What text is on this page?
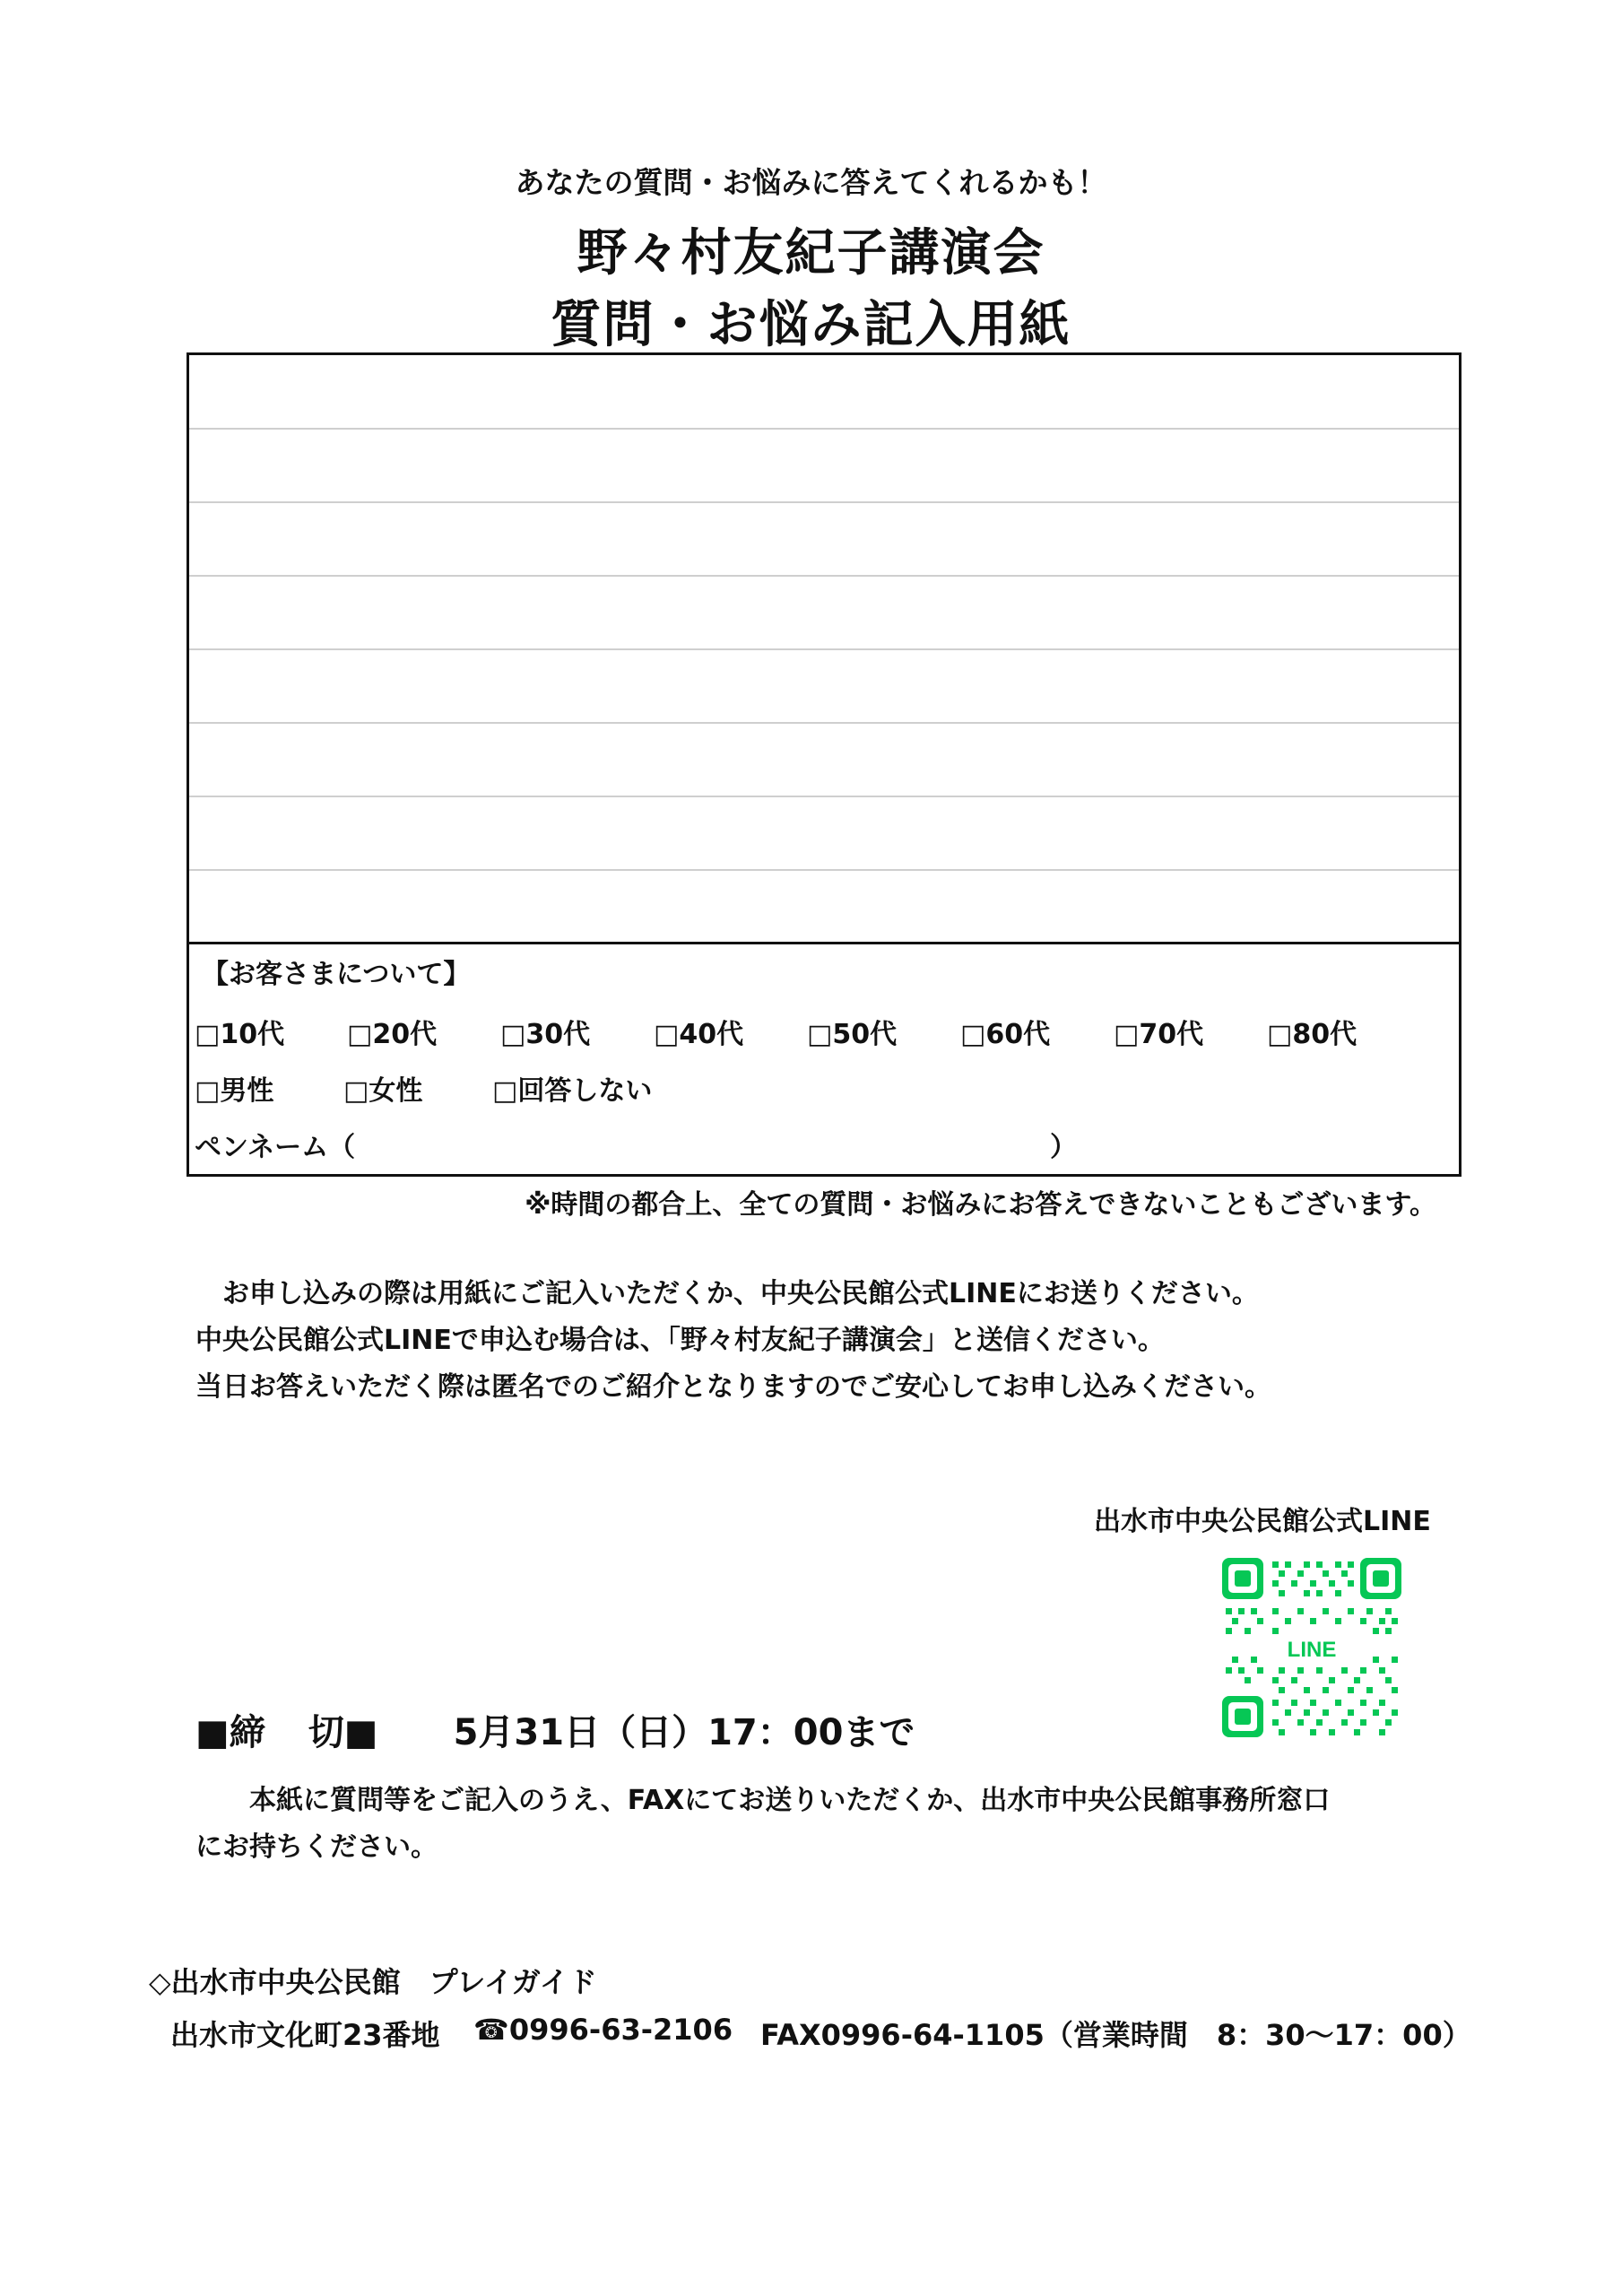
あなたの質問・お悩みに答えてくれるかも！
野々村友紀子講演会
質問・お悩み記入用紙
【お客さまについて】
□10代 □20代 □30代 □40代 □50代 □60代 □70代 □80代
□男性	□女性	□回答しない
ペンネーム（	）
※時間の都合上、全ての質問・お悩みにお答えできないこともございます。
　お申し込みの際は用紙にご記入いただくか、中央公民館公式LINEにお送りください。
中央公民館公式LINEで申込む場合は、「野々村友紀子講演会」と送信ください。
当日お答えいただく際は匿名でのご紹介となりますのでご安心してお申し込みください。
出水市中央公民館公式LINE
LINE
■締 切■ 5月31日（日）17：00まで
　　本紙に質問等をご記入のうえ、FAXにてお送りいただくか、出水市中央公民館事務所窓口
にお持ちください。
◇出水市中央公民館　プレイガイド
出水市文化町23番地 ☎0996-63-2106 FAX0996-64-1105（営業時間　8：30〜17：00）
